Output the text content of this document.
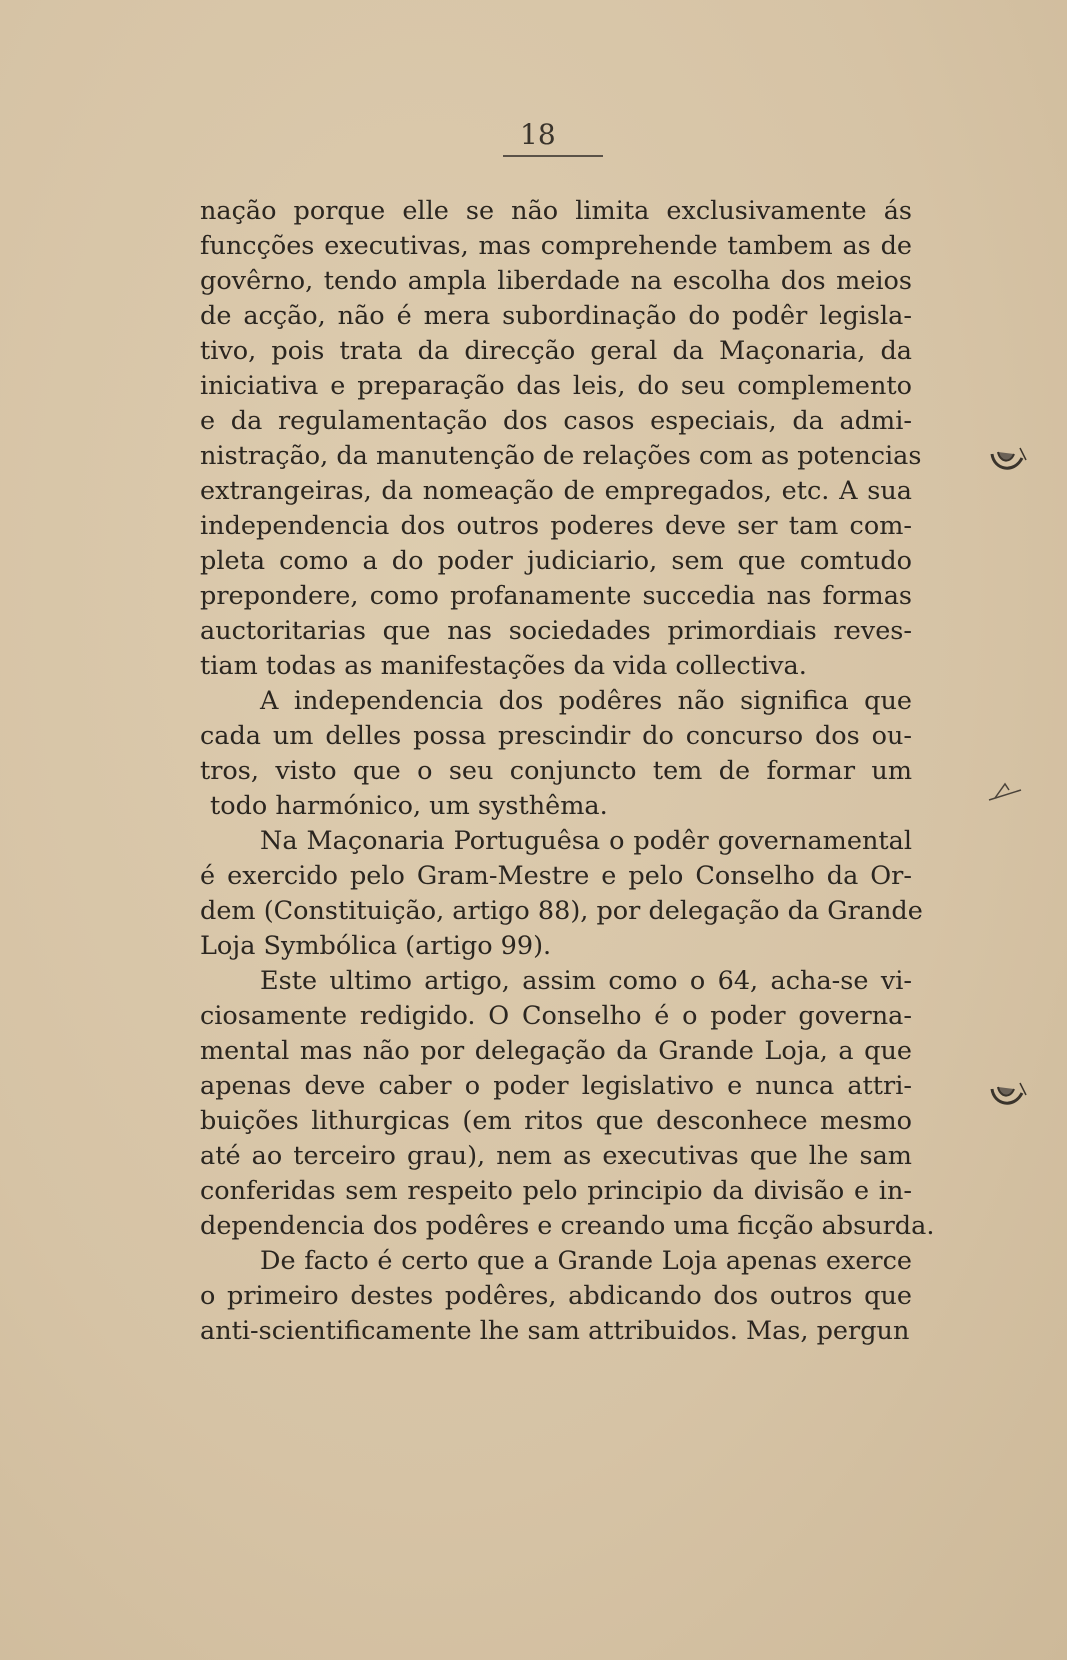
18
nação porque elle se não limita exclusivamente ás
funcções executivas, mas comprehende tambem as de
govêrno, tendo ampla liberdade na escolha dos meios
de acção, não é mera subordinação do podêr legisla-
tivo, pois trata da direcção geral da Maçonaria, da
iniciativa e preparação das leis, do seu complemento
e da regulamentação dos casos especiais, da admi-
nistração, da manutenção de relações com as potencias
extrangeiras, da nomeação de empregados, etc. A sua
independencia dos outros poderes deve ser tam com-
pleta como a do poder judiciario, sem que comtudo
prepondere, como profanamente succedia nas formas
auctoritarias que nas sociedades primordiais reves-
tiam todas as manifestações da vida collectiva.
A independencia dos podêres não significa que
cada um delles possa prescindir do concurso dos ou-
tros, visto que o seu conjuncto tem de formar um
todo harmónico, um systhêma.
Na Maçonaria Portuguêsa o podêr governamental
é exercido pelo Gram-Mestre e pelo Conselho da Or-
dem (Constituição, artigo 88), por delegação da Grande
Loja Symbólica (artigo 99).
Este ultimo artigo, assim como o 64, acha-se vi-
ciosamente redigido. O Conselho é o poder governa-
mental mas não por delegação da Grande Loja, a que
apenas deve caber o poder legislativo e nunca attri-
buições lithurgicas (em ritos que desconhece mesmo
até ao terceiro grau), nem as executivas que lhe sam
conferidas sem respeito pelo principio da divisão e in-
dependencia dos podêres e creando uma ficção absurda.
De facto é certo que a Grande Loja apenas exerce
o primeiro destes podêres, abdicando dos outros que
anti-scientificamente lhe sam attribuidos. Mas, pergun
